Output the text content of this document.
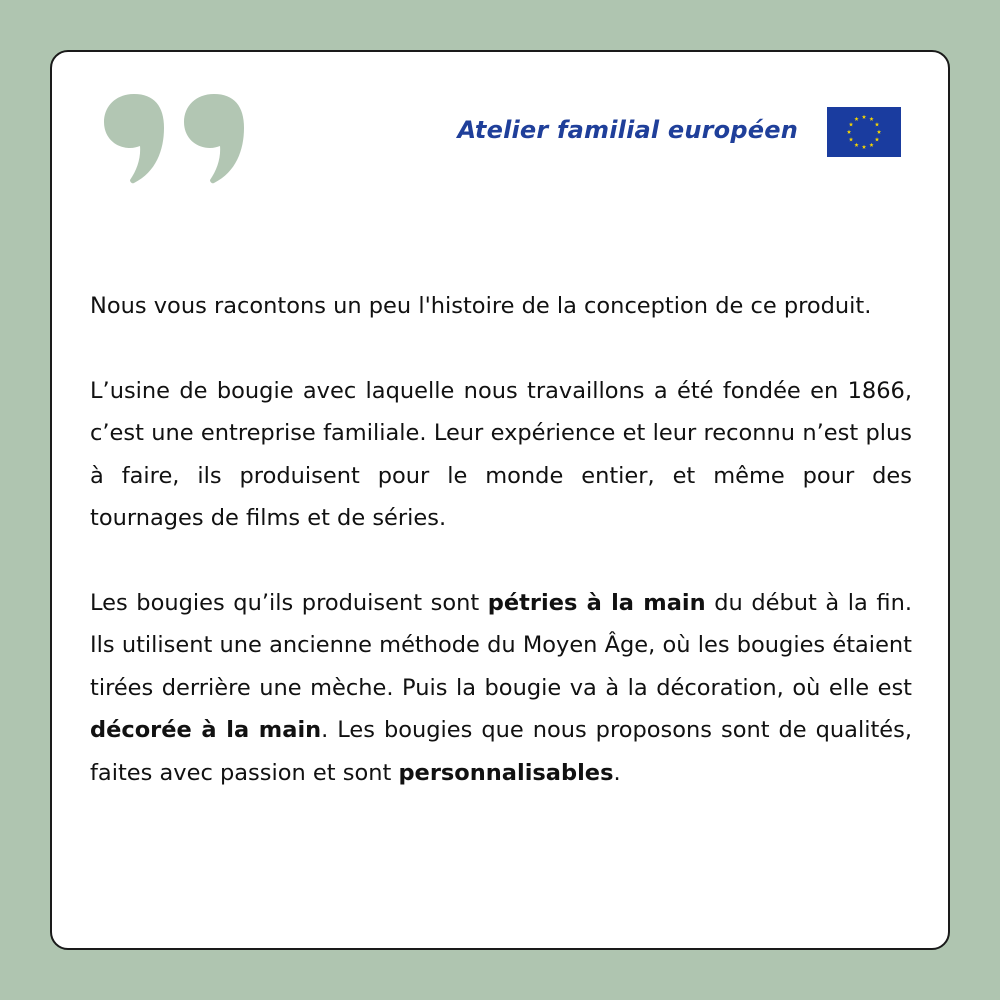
Atelier familial européen

Nous vous racontons un peu l'histoire de la conception de ce produit.

L’usine de bougie avec laquelle nous travaillons a été fondée en 1866, c’est une entreprise familiale. Leur expérience et leur reconnu n’est plus à faire, ils produisent pour le monde entier, et même pour des tournages de films et de séries.

Les bougies qu’ils produisent sont pétries à la main du début à la fin. Ils utilisent une ancienne méthode du Moyen Âge, où les bougies étaient tirées derrière une mèche. Puis la bougie va à la décoration, où elle est décorée à la main. Les bougies que nous proposons sont de qualités, faites avec passion et sont personnalisables.
